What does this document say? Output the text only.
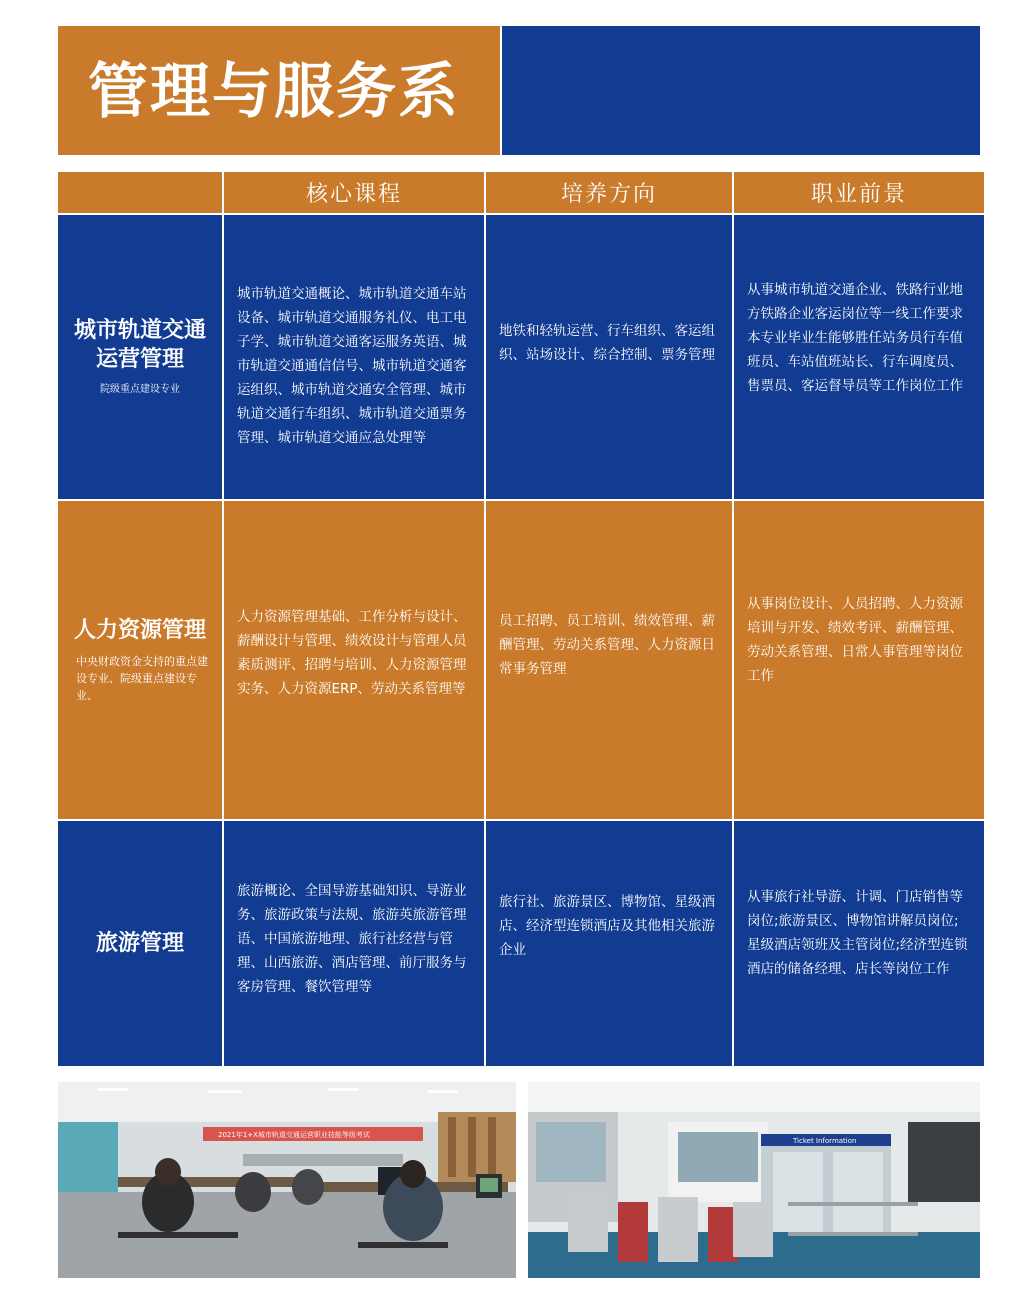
管理与服务系
核心课程	培养方向	职业前景
城市轨道交通
运营管理
院级重点建设专业
城市轨道交通概论、城市轨道交通车站设备、城市轨道交通服务礼仪、电工电子学、城市轨道交通客运服务英语、城市轨道交通通信信号、城市轨道交通客运组织、城市轨道交通安全管理、城市轨道交通行车组织、城市轨道交通票务管理、城市轨道交通应急处理等
地铁和轻轨运营、行车组织、客运组织、站场设计、综合控制、票务管理
从事城市轨道交通企业、铁路行业地方铁路企业客运岗位等一线工作要求本专业毕业生能够胜任站务员行车值班员、车站值班站长、行车调度员、售票员、客运督导员等工作岗位工作
人力资源管理
中央财政资金支持的重点建设专业、院级重点建设专业、
人力资源管理基础、工作分析与设计、薪酬设计与管理、绩效设计与管理人员素质测评、招聘与培训、人力资源管理实务、人力资源ERP、劳动关系管理等
员工招聘、员工培训、绩效管理、薪酬管理、劳动关系管理、人力资源日常事务管理
从事岗位设计、人员招聘、人力资源培训与开发、绩效考评、薪酬管理、劳动关系管理、日常人事管理等岗位工作
旅游管理
旅游概论、全国导游基础知识、导游业务、旅游政策与法规、旅游英旅游管理语、中国旅游地理、旅行社经营与管理、山西旅游、酒店管理、前厅服务与客房管理、餐饮管理等
旅行社、旅游景区、博物馆、星级酒店、经济型连锁酒店及其他相关旅游企业
从事旅行社导游、计调、门店销售等岗位;旅游景区、博物馆讲解员岗位;星级酒店领班及主管岗位;经济型连锁酒店的储备经理、店长等岗位工作
2021年1+X城市轨道交通运营职业技能等级考试
Ticket Information
